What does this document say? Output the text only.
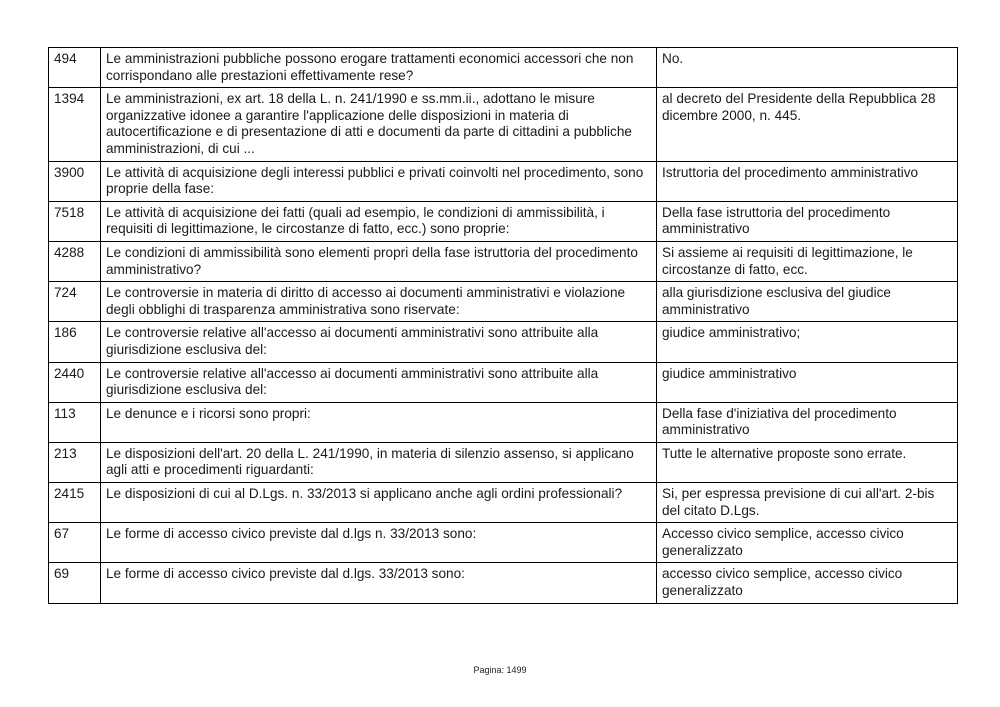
494	Le amministrazioni pubbliche possono erogare trattamenti economici accessori che non corrispondano alle prestazioni effettivamente rese?	No.
1394	Le amministrazioni, ex art. 18 della L. n. 241/1990 e ss.mm.ii., adottano le misure organizzative idonee a garantire l'applicazione delle disposizioni in materia di autocertificazione e di presentazione di atti e documenti da parte di cittadini a pubbliche amministrazioni, di cui ...	al decreto del Presidente della Repubblica 28 dicembre 2000, n. 445.
3900	Le attività di acquisizione degli interessi pubblici e privati coinvolti nel procedimento, sono proprie della fase:	Istruttoria del procedimento amministrativo
7518	Le attività di acquisizione dei fatti (quali ad esempio, le condizioni di ammissibilità, i requisiti di legittimazione, le circostanze di fatto, ecc.) sono proprie:	Della fase istruttoria del procedimento amministrativo
4288	Le condizioni di ammissibilità sono elementi propri della fase istruttoria del procedimento amministrativo?	Si assieme ai requisiti di legittimazione, le circostanze di fatto, ecc.
724	Le controversie in materia di diritto di accesso ai documenti amministrativi e violazione degli obblighi di trasparenza amministrativa sono riservate:	alla giurisdizione esclusiva del giudice amministrativo
186	Le controversie relative all'accesso ai documenti amministrativi sono attribuite alla giurisdizione esclusiva del:	giudice amministrativo;
2440	Le controversie relative all'accesso ai documenti amministrativi sono attribuite alla giurisdizione esclusiva del:	giudice amministrativo
113	Le denunce e i ricorsi sono propri:	Della fase d'iniziativa del procedimento amministrativo
213	Le disposizioni dell'art. 20 della L. 241/1990, in materia di silenzio assenso, si applicano agli atti e procedimenti riguardanti:	Tutte le alternative proposte sono errate.
2415	Le disposizioni di cui al D.Lgs. n. 33/2013 si applicano anche agli ordini professionali?	Si, per espressa previsione di cui all'art. 2-bis del citato D.Lgs.
67	Le forme di accesso civico previste dal d.lgs n. 33/2013 sono:	Accesso civico semplice, accesso civico generalizzato
69	Le forme di accesso civico previste dal d.lgs. 33/2013 sono:	accesso civico semplice, accesso civico generalizzato
Pagina: 1499
